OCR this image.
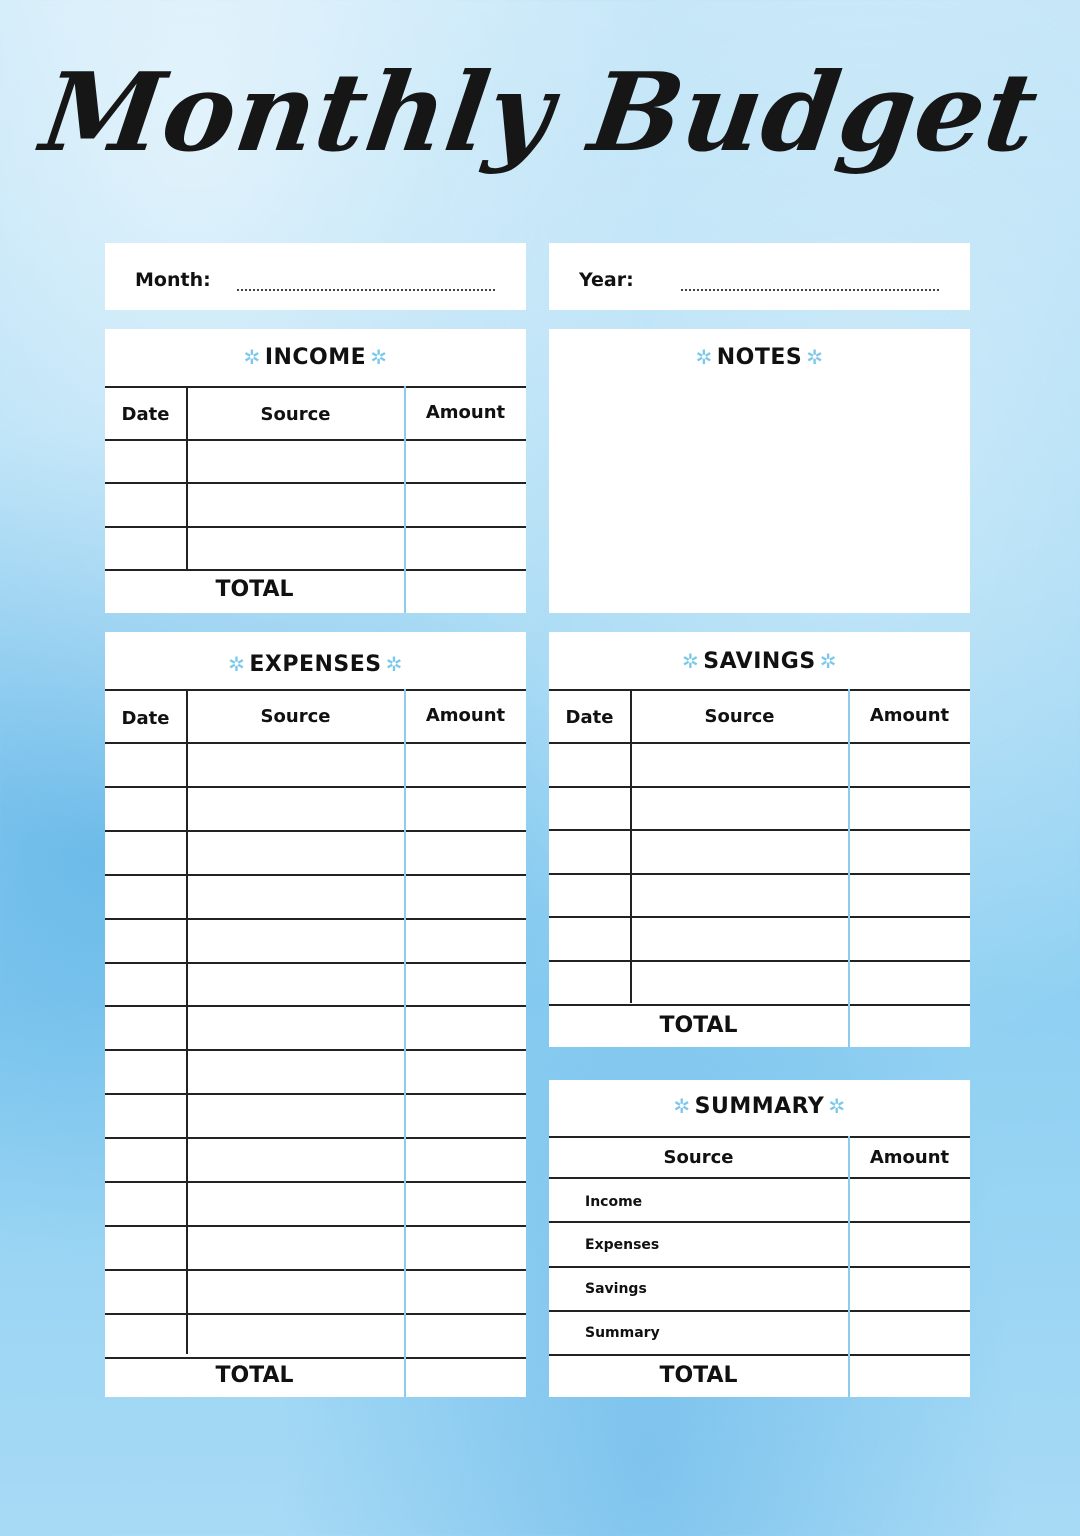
Monthly Budget
Month:	Year:
✲ INCOME ✲
Date	Source	Amount
TOTAL
✲ NOTES ✲
✲ EXPENSES ✲
Date	Source	Amount
TOTAL
✲ SAVINGS ✲
Date	Source	Amount
TOTAL
✲ SUMMARY ✲
Source	Amount
Income
Expenses
Savings
Summary
TOTAL
